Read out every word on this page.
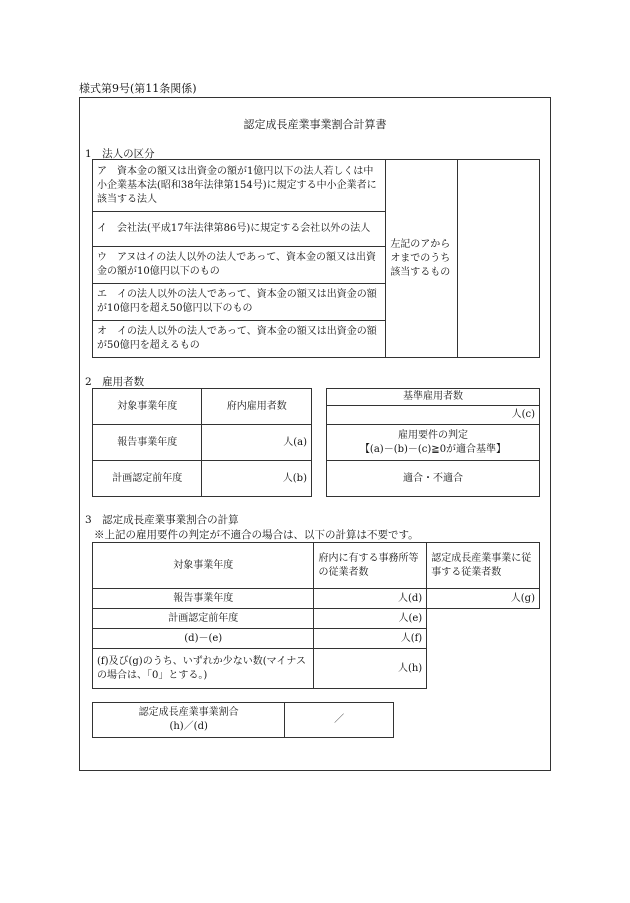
様式第9号(第11条関係)
認定成長産業事業割合計算書
1　法人の区分
ア　資本金の額又は出資金の額が1億円以下の法人若しくは中小企業基本法(昭和38年法律第154号)に規定する中小企業者に該当する法人	左記のアからオまでのうち該当するもの	
イ　会社法(平成17年法律第86号)に規定する会社以外の法人
ウ　アヌはイの法人以外の法人であって、資本金の額又は出資金の額が10億円以下のもの
エ　イの法人以外の法人であって、資本金の額又は出資金の額が10億円を超え50億円以下のもの
オ　イの法人以外の法人であって、資本金の額又は出資金の額が50億円を超えるもの
2　雇用者数
対象事業年度	府内雇用者数
報告事業年度	人(a)
計画認定前年度	人(b)
基準雇用者数
人(c)

雇用要件の判定
【(a)－(b)－(c)≧0が適合基準】

適合・不適合
3　認定成長産業事業割合の計算
※上記の雇用要件の判定が不適合の場合は、以下の計算は不要です。
対象事業年度	府内に有する事務所等の従業者数	認定成長産業事業に従事する従業者数
報告事業年度	人(d)	人(g)
計画認定前年度	人(e)	
(d)－(e)	人(f)	
(f)及び(g)のうち、いずれか少ない数(マイナスの場合は、「0」とする。)	人(h)	
認定成長産業事業割合
(h)／(d)
	／
